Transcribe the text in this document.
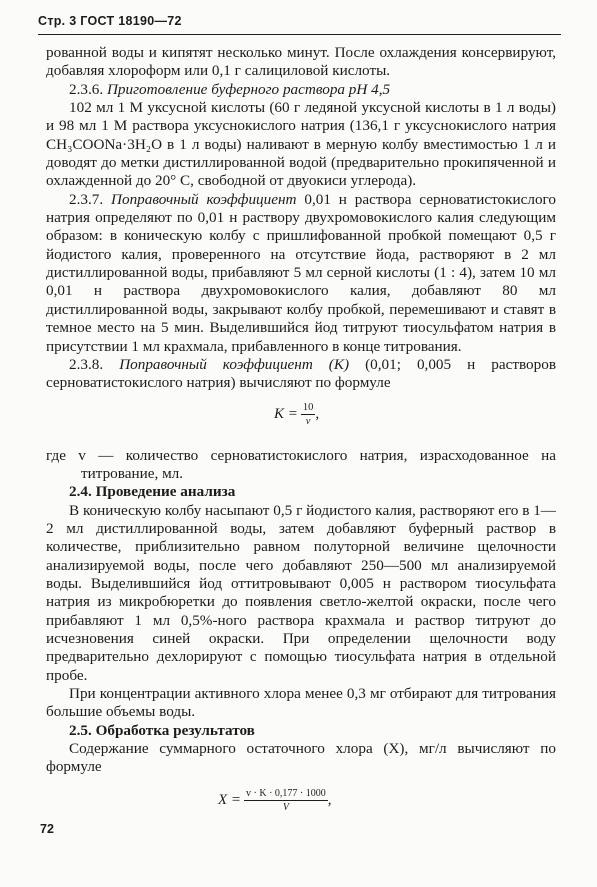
Стр. 3 ГОСТ 18190—72

рованной воды и кипятят несколько минут. После охлаждения консервируют, добавляя хлороформ или 0,1 г салициловой кислоты.

2.3.6. Приготовление буферного раствора pH 4,5

102 мл 1 М уксусной кислоты (60 г ледяной уксусной кислоты в 1 л воды) и 98 мл 1 М раствора уксуснокислого натрия (136,1 г уксуснокислого натрия CH₃COONa·3H₂O в 1 л воды) наливают в мерную колбу вместимостью 1 л и доводят до метки дистиллированной водой (предварительно прокипяченной и охлажденной до 20° С, свободной от двуокиси углерода).

2.3.7. Поправочный коэффициент 0,01 н раствора серноватистокислого натрия определяют по 0,01 н раствору двухромовокислого калия следующим образом: в коническую колбу с пришлифованной пробкой помещают 0,5 г йодистого калия, проверенного на отсутствие йода, растворяют в 2 мл дистиллированной воды, прибавляют 5 мл серной кислоты (1 : 4), затем 10 мл 0,01 н раствора двухромовокислого калия, добавляют 80 мл дистиллированной воды, закрывают колбу пробкой, перемешивают и ставят в темное место на 5 мин. Выделившийся йод титруют тиосульфатом натрия в присутствии 1 мл крахмала, прибавленного в конце титрования.

2.3.8. Поправочный коэффициент (K) (0,01; 0,005 н растворов серноватистокислого натрия) вычисляют по формуле

$K = \frac{10}{v}$ ,

где v — количество серноватистокислого натрия, израсходованное на титрование, мл.

2.4. Проведение анализа

В коническую колбу насыпают 0,5 г йодистого калия, растворяют его в 1—2 мл дистиллированной воды, затем добавляют буферный раствор в количестве, приблизительно равном полуторной величине щелочности анализируемой воды, после чего добавляют 250—500 мл анализируемой воды. Выделившийся йод оттитровывают 0,005 н раствором тиосульфата натрия из микробюретки до появления светло-желтой окраски, после чего прибавляют 1 мл 0,5%-ного раствора крахмала и раствор титруют до исчезновения синей окраски. При определении щелочности воду предварительно дехлорируют с помощью тиосульфата натрия в отдельной пробе.

При концентрации активного хлора менее 0,3 мг отбирают для титрования большие объемы воды.

2.5. Обработка результатов

Содержание суммарного остаточного хлора (X), мг/л вычисляют по формуле

$X = \frac{v \cdot K \cdot 0,177 \cdot 1000}{V}$ ,
72
